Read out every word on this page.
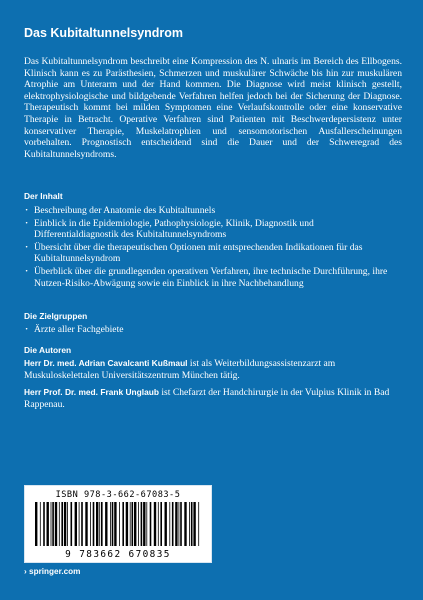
Das Kubitaltunnelsyndrom

Das Kubitaltunnelsyndrom beschreibt eine Kompression des N. ulnaris im Bereich des Ellbogens. Klinisch kann es zu Parästhesien, Schmerzen und muskulärer Schwäche bis hin zur muskulären Atrophie am Unterarm und der Hand kommen. Die Diagnose wird meist klinisch gestellt, elektrophysiologische und bildgebende Verfahren helfen jedoch bei der Sicherung der Diagnose. Therapeutisch kommt bei milden Symptomen eine Verlaufskontrolle oder eine konservative Therapie in Betracht. Operative Verfahren sind Patienten mit Beschwerdepersistenz unter konservativer Therapie, Muskelatrophien und sensomotorischen Ausfallerscheinungen vorbehalten. Prognostisch entscheidend sind die Dauer und der Schweregrad des Kubitaltunnelsyndroms.

Der Inhalt
· Beschreibung der Anatomie des Kubitaltunnels
· Einblick in die Epidemiologie, Pathophysiologie, Klinik, Diagnostik und Differentialdiagnostik des Kubitaltunnelsyndroms
· Übersicht über die therapeutischen Optionen mit entsprechenden Indikationen für das Kubitaltunnelsyndrom
· Überblick über die grundlegenden operativen Verfahren, ihre technische Durchführung, ihre Nutzen-Risiko-Abwägung sowie ein Einblick in ihre Nachbehandlung
Die Zielgruppen
· Ärzte aller Fachgebiete
Die Autoren
Herr Dr. med. Adrian Cavalcanti Kußmaul ist als Weiterbildungsassistenzarzt am Muskuloskelettalen Universitätszentrum München tätig.
Herr Prof. Dr. med. Frank Unglaub ist Chefarzt der Handchirurgie in der Vulpius Klinik in Bad Rappenau.
ISBN 978-3-662-67083-5
9 783662 670835
› springer.com
